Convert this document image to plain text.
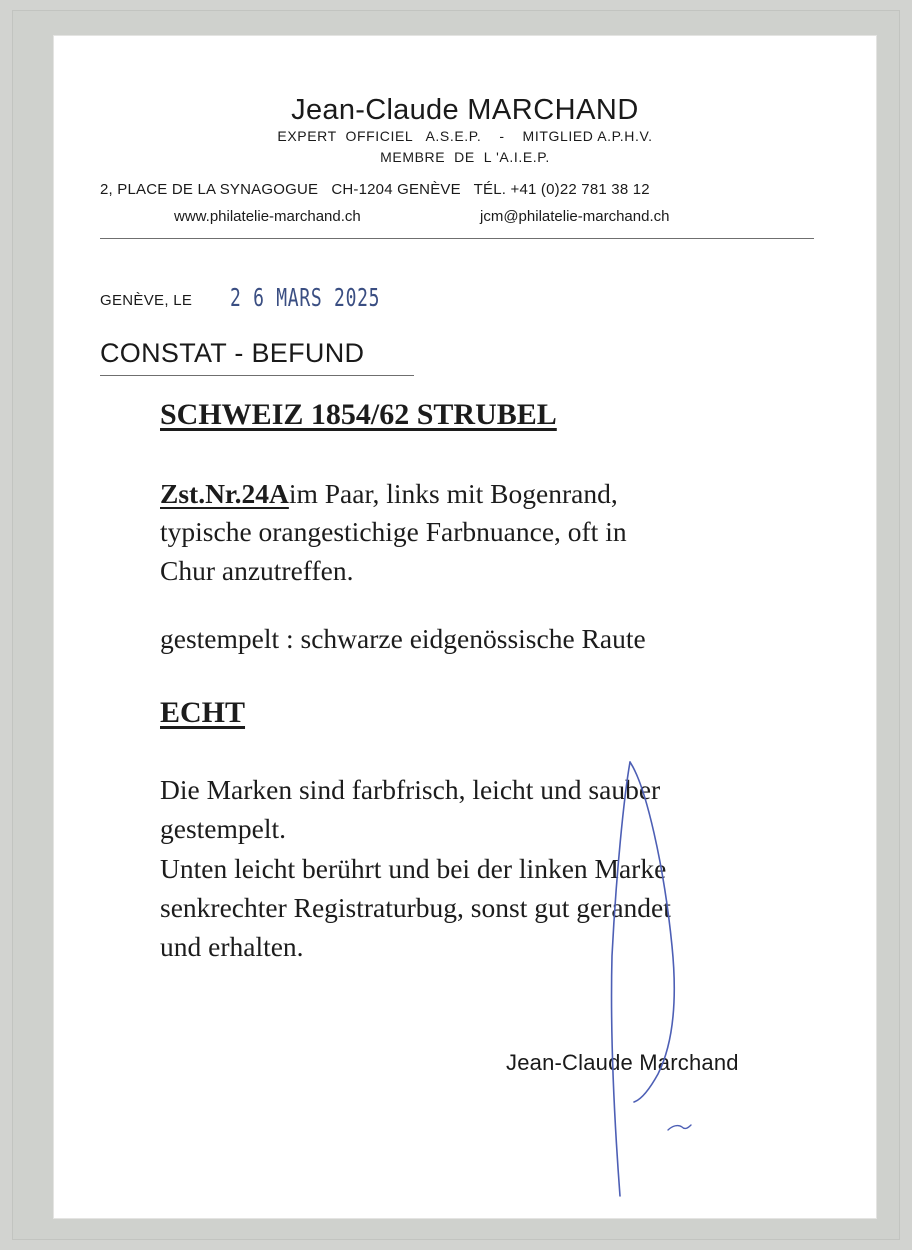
Jean-Claude MARCHAND
EXPERT  OFFICIEL   A.S.E.P.    -    MITGLIED A.P.H.V.
MEMBRE  DE  L 'A.I.E.P.
2, PLACE DE LA SYNAGOGUE   CH-1204 GENÈVE   TÉL. +41 (0)22 781 38 12
www.philatelie-marchand.ch	jcm@philatelie-marchand.ch
GENÈVE, LE 2 6 MARS 2025
CONSTAT - BEFUND
SCHWEIZ 1854/62 STRUBEL
Zst.Nr.24Aim Paar, links mit Bogenrand,
typische orangestichige Farbnuance, oft in
Chur anzutreffen.
gestempelt : schwarze eidgenössische Raute
ECHT
Die Marken sind farbfrisch, leicht und sauber
gestempelt.
Unten leicht berührt und bei der linken Marke
senkrechter Registraturbug, sonst gut gerandet
und erhalten.
Jean-Claude Marchand
